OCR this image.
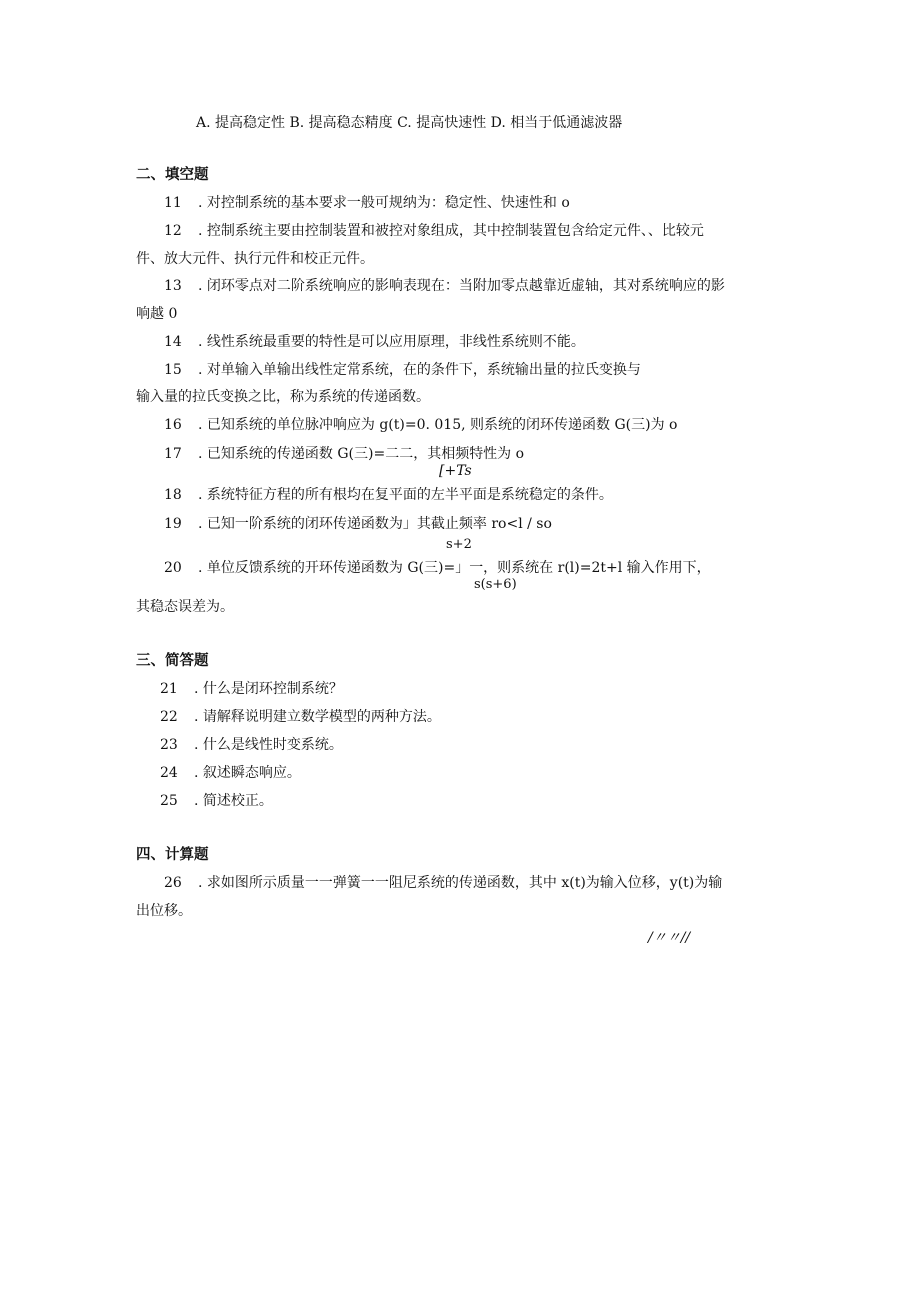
A. 提高稳定性 B. 提高稳态精度 C. 提高快速性 D. 相当于低通滤波器
二、填空题
11 . 对控制系统的基本要求一般可规纳为：稳定性、快速性和 o
12 . 控制系统主要由控制装置和被控对象组成，其中控制装置包含给定元件、、比较元
件、放大元件、执行元件和校正元件。
13 . 闭环零点对二阶系统响应的影响表现在：当附加零点越靠近虚轴，其对系统响应的影
响越 0
14 . 线性系统最重要的特性是可以应用原理，非线性系统则不能。
15 . 对单输入单输出线性定常系统，在的条件下，系统输出量的拉氏变换与
输入量的拉氏变换之比，称为系统的传递函数。
16 . 已知系统的单位脉冲响应为 g(t)=0. 015, 则系统的闭环传递函数 G(三)为 o
17 . 已知系统的传递函数 G(三)=二二，其相频特性为 o
[+Ts
18 . 系统特征方程的所有根均在复平面的左半平面是系统稳定的条件。
19 . 已知一阶系统的闭环传递函数为」其截止频率 ro<l / so
s+2
20 . 单位反馈系统的开环传递函数为 G(三)=」一，则系统在 r(l)=2t+l 输入作用下，
s(s+6)
其稳态误差为。
三、简答题
21 . 什么是闭环控制系统？
22 . 请解释说明建立数学模型的两种方法。
23 . 什么是线性时变系统。
24 . 叙述瞬态响应。
25 . 简述校正。
四、计算题
26 . 求如图所示质量一一弹簧一一阻尼系统的传递函数，其中 x(t)为输入位移，y(t)为输
出位移。
/〃〃//
